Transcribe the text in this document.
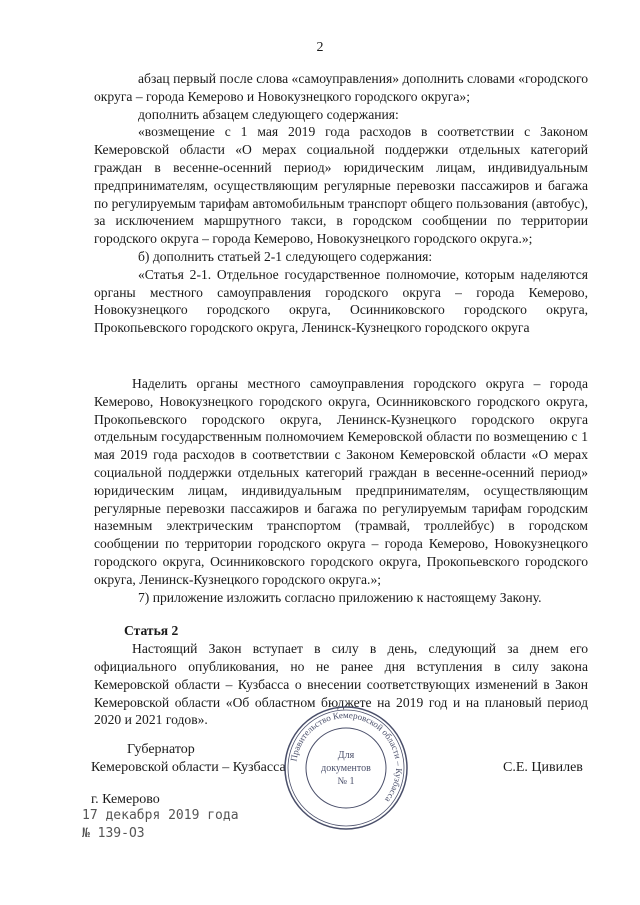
2

абзац первый после слова «самоуправления» дополнить словами «городского округа – города Кемерово и Новокузнецкого городского округа»;

дополнить абзацем следующего содержания:

«возмещение с 1 мая 2019 года расходов в соответствии с Законом Кемеровской области «О мерах социальной поддержки отдельных категорий граждан в весенне-осенний период» юридическим лицам, индивидуальным предпринимателям, осуществляющим регулярные перевозки пассажиров и багажа по регулируемым тарифам автомобильным транспорт общего пользования (автобус), за исключением маршрутного такси, в городском сообщении по территории городского округа – города Кемерово, Новокузнецкого городского округа.»;

б) дополнить статьей 2-1 следующего содержания:

«Статья 2-1. Отдельное государственное полномочие, которым наделяются органы местного самоуправления городского округа – города Кемерово, Новокузнецкого городского округа, Осинниковского городского округа, Прокопьевского городского округа, Ленинск-Кузнецкого городского округа

Наделить органы местного самоуправления городского округа – города Кемерово, Новокузнецкого городского округа, Осинниковского городского округа, Прокопьевского городского округа, Ленинск-Кузнецкого городского округа отдельным государственным полномочием Кемеровской области по возмещению с 1 мая 2019 года расходов в соответствии с Законом Кемеровской области «О мерах социальной поддержки отдельных категорий граждан в весенне-осенний период» юридическим лицам, индивидуальным предпринимателям, осуществляющим регулярные перевозки пассажиров и багажа по регулируемым тарифам городским наземным электрическим транспортом (трамвай, троллейбус) в городском сообщении по территории городского округа – города Кемерово, Новокузнецкого городского округа, Осинниковского городского округа, Прокопьевского городского округа, Ленинск-Кузнецкого городского округа.»;

7) приложение изложить согласно приложению к настоящему Закону.

Статья 2

Настоящий Закон вступает в силу в день, следующий за днем его официального опубликования, но не ранее дня вступления в силу закона Кемеровской области – Кузбасса о внесении соответствующих изменений в Закон Кемеровской области «Об областном бюджете на 2019 год и на плановый период 2020 и 2021 годов».

Губернатор
Кемеровской области – Кузбасса	С.Е. Цивилев
Правительство Кемеровской области – Кузбасса
Для
документов
№ 1
г. Кемерово
17 декабря 2019 года
№ 139-ОЗ
